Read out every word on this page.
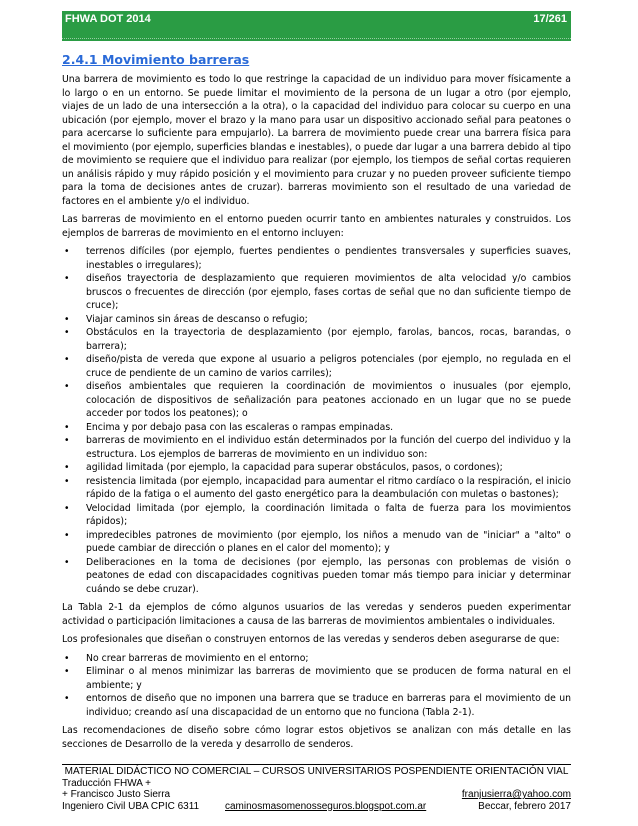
FHWA DOT 2014	17/261
2.4.1 Movimiento barreras

Una barrera de movimiento es todo lo que restringe la capacidad de un individuo para mover físicamente a lo largo o en un entorno. Se puede limitar el movimiento de la persona de un lugar a otro (por ejemplo, viajes de un lado de una intersección a la otra), o la capacidad del individuo para colocar su cuerpo en una ubicación (por ejemplo, mover el brazo y la mano para usar un dispositivo accionado señal para peatones o para acercarse lo suficiente para empujarlo). La barrera de movimiento puede crear una barrera física para el movimiento (por ejemplo, superficies blandas e inestables), o puede dar lugar a una barrera debido al tipo de movimiento se requiere que el individuo para realizar (por ejemplo, los tiempos de señal cortas requieren un análisis rápido y muy rápido posición y el movimiento para cruzar y no pueden proveer suficiente tiempo para la toma de decisiones antes de cruzar). barreras movimiento son el resultado de una variedad de factores en el ambiente y/o el individuo.

Las barreras de movimiento en el entorno pueden ocurrir tanto en ambientes naturales y construidos. Los ejemplos de barreras de movimiento en el entorno incluyen:

• terrenos difíciles (por ejemplo, fuertes pendientes o pendientes transversales y superficies suaves, inestables o irregulares);
• diseños trayectoria de desplazamiento que requieren movimientos de alta velocidad y/o cambios bruscos o frecuentes de dirección (por ejemplo, fases cortas de señal que no dan suficiente tiempo de cruce);
• Viajar caminos sin áreas de descanso o refugio;
• Obstáculos en la trayectoria de desplazamiento (por ejemplo, farolas, bancos, rocas, barandas, o barrera);
• diseño/pista de vereda que expone al usuario a peligros potenciales (por ejemplo, no regulada en el cruce de pendiente de un camino de varios carriles);
• diseños ambientales que requieren la coordinación de movimientos o inusuales (por ejemplo, colocación de dispositivos de señalización para peatones accionado en un lugar que no se puede acceder por todos los peatones); o
• Encima y por debajo pasa con las escaleras o rampas empinadas.
• barreras de movimiento en el individuo están determinados por la función del cuerpo del individuo y la estructura. Los ejemplos de barreras de movimiento en un individuo son:
• agilidad limitada (por ejemplo, la capacidad para superar obstáculos, pasos, o cordones);
• resistencia limitada (por ejemplo, incapacidad para aumentar el ritmo cardíaco o la respiración, el inicio rápido de la fatiga o el aumento del gasto energético para la deambulación con muletas o bastones);
• Velocidad limitada (por ejemplo, la coordinación limitada o falta de fuerza para los movimientos rápidos);
• impredecibles patrones de movimiento (por ejemplo, los niños a menudo van de "iniciar" a "alto" o puede cambiar de dirección o planes en el calor del momento); y
• Deliberaciones en la toma de decisiones (por ejemplo, las personas con problemas de visión o peatones de edad con discapacidades cognitivas pueden tomar más tiempo para iniciar y determinar cuándo se debe cruzar).

La Tabla 2-1 da ejemplos de cómo algunos usuarios de las veredas y senderos pueden experimentar actividad o participación limitaciones a causa de las barreras de movimientos ambientales o individuales.

Los profesionales que diseñan o construyen entornos de las veredas y senderos deben asegurarse de que:

• No crear barreras de movimiento en el entorno;
• Eliminar o al menos minimizar las barreras de movimiento que se producen de forma natural en el ambiente; y
• entornos de diseño que no imponen una barrera que se traduce en barreras para el movimiento de un individuo; creando así una discapacidad de un entorno que no funciona (Tabla 2-1).

Las recomendaciones de diseño sobre cómo lograr estos objetivos se analizan con más detalle en las secciones de Desarrollo de la vereda y desarrollo de senderos.

MATERIAL DIDÁCTICO NO COMERCIAL – CURSOS UNIVERSITARIOS POSPENDIENTE ORIENTACIÓN VIAL
Traducción FHWA +
+ Francisco Justo Sierra	franjusierra@yahoo.com
Ingeniero Civil UBA CPIC 6311	caminosmasomenosseguros.blogspot.com.ar	Beccar, febrero 2017
